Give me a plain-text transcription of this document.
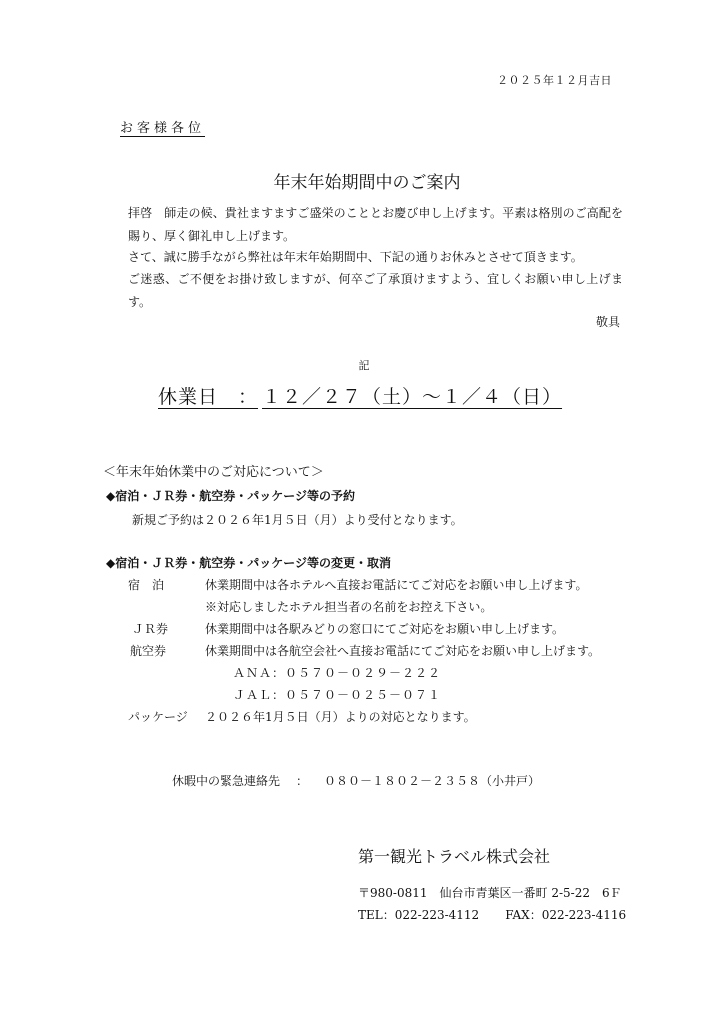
２０２５年１２月吉日
お客様各位
年末年始期間中のご案内
拝啓　師走の候、貴社ますますご盛栄のこととお慶び申し上げます。平素は格別のご高配を賜り、厚く御礼申し上げます。
さて、誠に勝手ながら弊社は年末年始期間中、下記の通りお休みとさせて頂きます。
ご迷惑、ご不便をお掛け致しますが、何卒ご了承頂けますよう、宜しくお願い申し上げます。
敬具
記
休業日　： １２／２７（土）～１／４（日）
＜年末年始休業中のご対応について＞
◆宿泊・ＪＲ券・航空券・パッケージ等の予約
新規ご予約は２０２６年1月５日（月）より受付となります。
◆宿泊・ＪＲ券・航空券・パッケージ等の変更・取消
宿　泊	休業期間中は各ホテルへ直接お電話にてご対応をお願い申し上げます。
※対応しましたホテル担当者の名前をお控え下さい。
ＪＲ券	休業期間中は各駅みどりの窓口にてご対応をお願い申し上げます。
航空券	休業期間中は各航空会社へ直接お電話にてご対応をお願い申し上げます。
ＡＮＡ：０５７０－０２９－２２２
ＪＡＬ：０５７０－０２５－０７１
パッケージ ２０２６年1月５日（月）よりの対応となります。
休暇中の緊急連絡先 ： ０８０－１８０２－２３５８（小井戸）
第一観光トラベル株式会社
〒980-0811　仙台市青葉区一番町 2-5-22　6Ｆ
TEL：022-223-4112 FAX：022-223-4116
